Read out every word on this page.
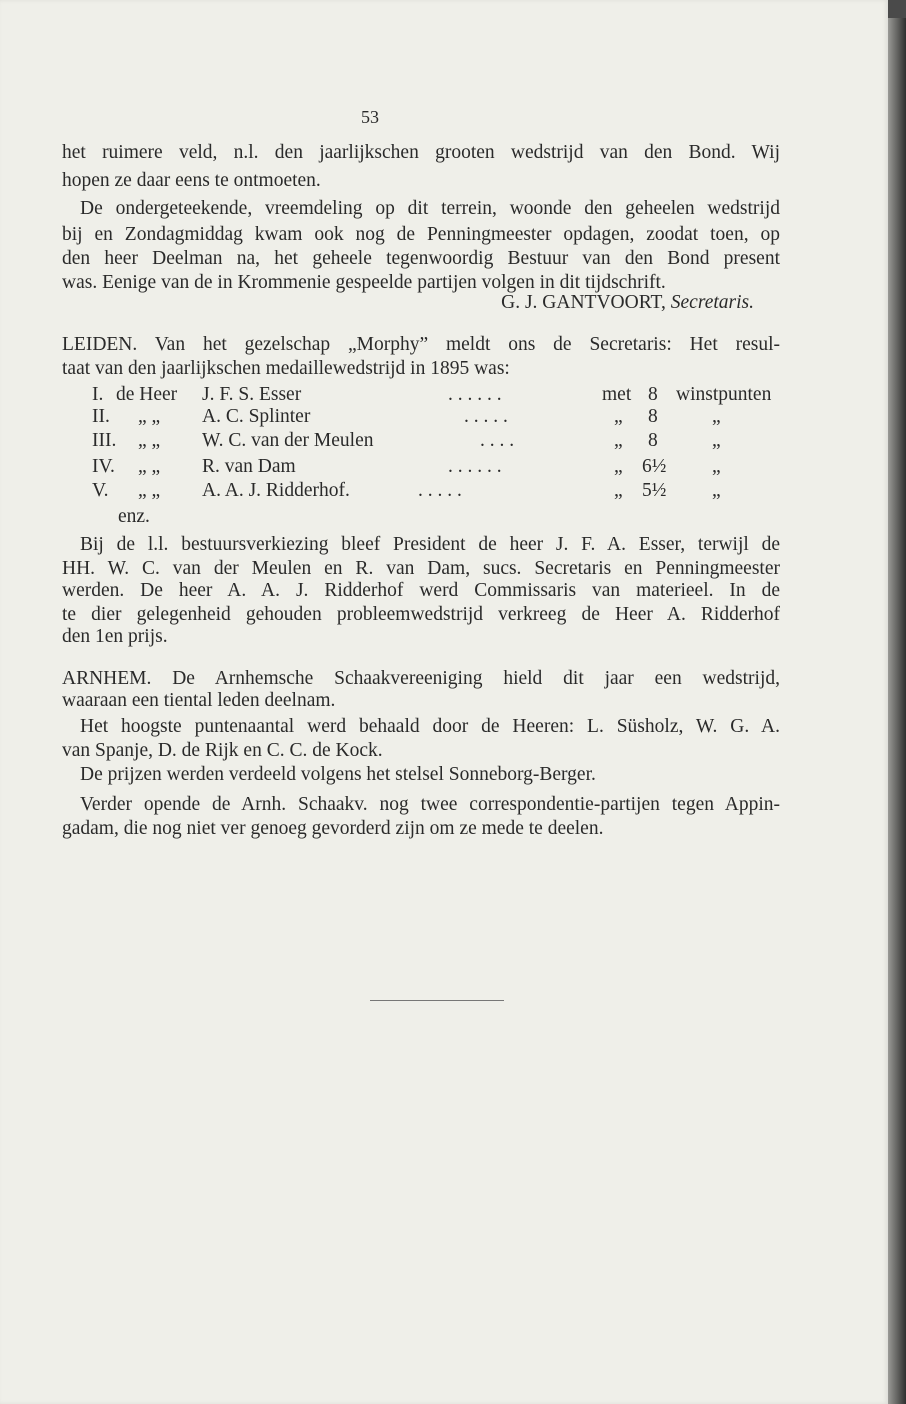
53
het ruimere veld, n.l. den jaarlijkschen grooten wedstrijd van den Bond. Wij
hopen ze daar eens te ontmoeten.
De ondergeteekende, vreemdeling op dit terrein, woonde den geheelen wedstrijd
bij en Zondagmiddag kwam ook nog de Penningmeester opdagen, zoodat toen, op
den heer Deelman na, het geheele tegenwoordig Bestuur van den Bond present
was. Eenige van de in Krommenie gespeelde partijen volgen in dit tijdschrift.
G. J. GANTVOORT, Secretaris.
LEIDEN. Van het gezelschap „Morphy” meldt ons de Secretaris: Het resul-
taat van den jaarlijkschen medaillewedstrijd in 1895 was:
I. de Heer J. F. S. Esser	. . . . . .	met 8 winstpunten
II. „ „ A. C. Splinter	. . . . .	„ 8	„
III. „ „ W. C. van der Meulen	. . . .	„ 8	„
IV. „ „ R. van Dam	. . . . . .	„ 6½ „
V. „ „ A. A. J. Ridderhof.	. . . . .	„ 5½ „
enz.
Bij de l.l. bestuursverkiezing bleef President de heer J. F. A. Esser, terwijl de
HH. W. C. van der Meulen en R. van Dam, sucs. Secretaris en Penningmeester
werden. De heer A. A. J. Ridderhof werd Commissaris van materieel. In de
te dier gelegenheid gehouden probleemwedstrijd verkreeg de Heer A. Ridderhof
den 1en prijs.
ARNHEM. De Arnhemsche Schaakvereeniging hield dit jaar een wedstrijd,
waaraan een tiental leden deelnam.
Het hoogste puntenaantal werd behaald door de Heeren: L. Süsholz, W. G. A.
van Spanje, D. de Rijk en C. C. de Kock.
De prijzen werden verdeeld volgens het stelsel Sonneborg-Berger.
Verder opende de Arnh. Schaakv. nog twee correspondentie-partijen tegen Appin-
gadam, die nog niet ver genoeg gevorderd zijn om ze mede te deelen.
